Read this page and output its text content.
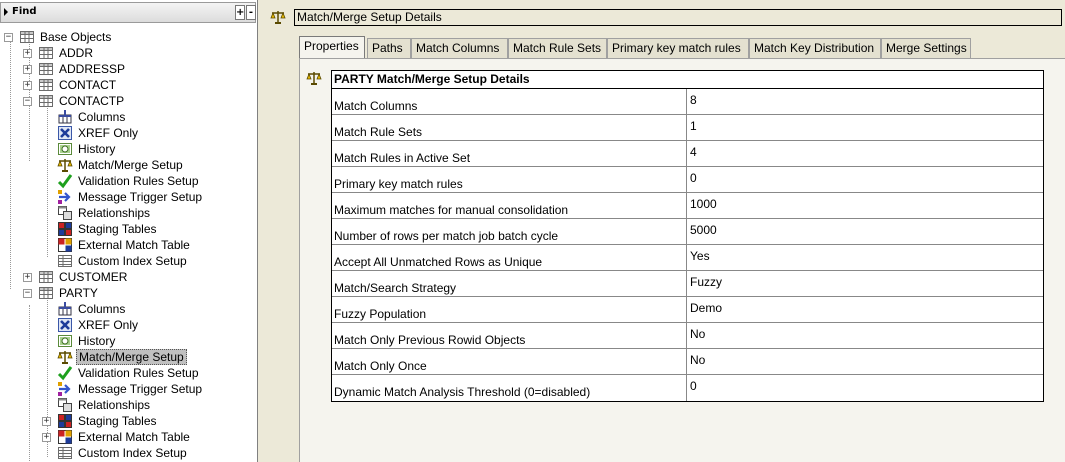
Find	+ -
− Base Objects
+ ADDR
+ ADDRESSP
+ CONTACT
− CONTACTP
Columns
XREF Only
History
Match/Merge Setup
Validation Rules Setup
Message Trigger Setup
Relationships
Staging Tables
External Match Table
Custom Index Setup
+ CUSTOMER
− PARTY
Columns
XREF Only
History
Match/Merge Setup
Validation Rules Setup
Message Trigger Setup
Relationships
+ Staging Tables
+ External Match Table
Custom Index Setup
Match/Merge Setup Details
Properties	Paths	Match Columns	Match Rule Sets Primary key match rules	Match Key Distribution Merge Settings
PARTY Match/Merge Setup Details
Match Columns	8
Match Rule Sets	1
Match Rules in Active Set	4
Primary key match rules	0
Maximum matches for manual consolidation	1000
Number of rows per match job batch cycle	5000
Accept All Unmatched Rows as Unique	Yes
Match/Search Strategy	Fuzzy
Fuzzy Population	Demo
Match Only Previous Rowid Objects	No
Match Only Once	No
Dynamic Match Analysis Threshold (0=disabled)	0
